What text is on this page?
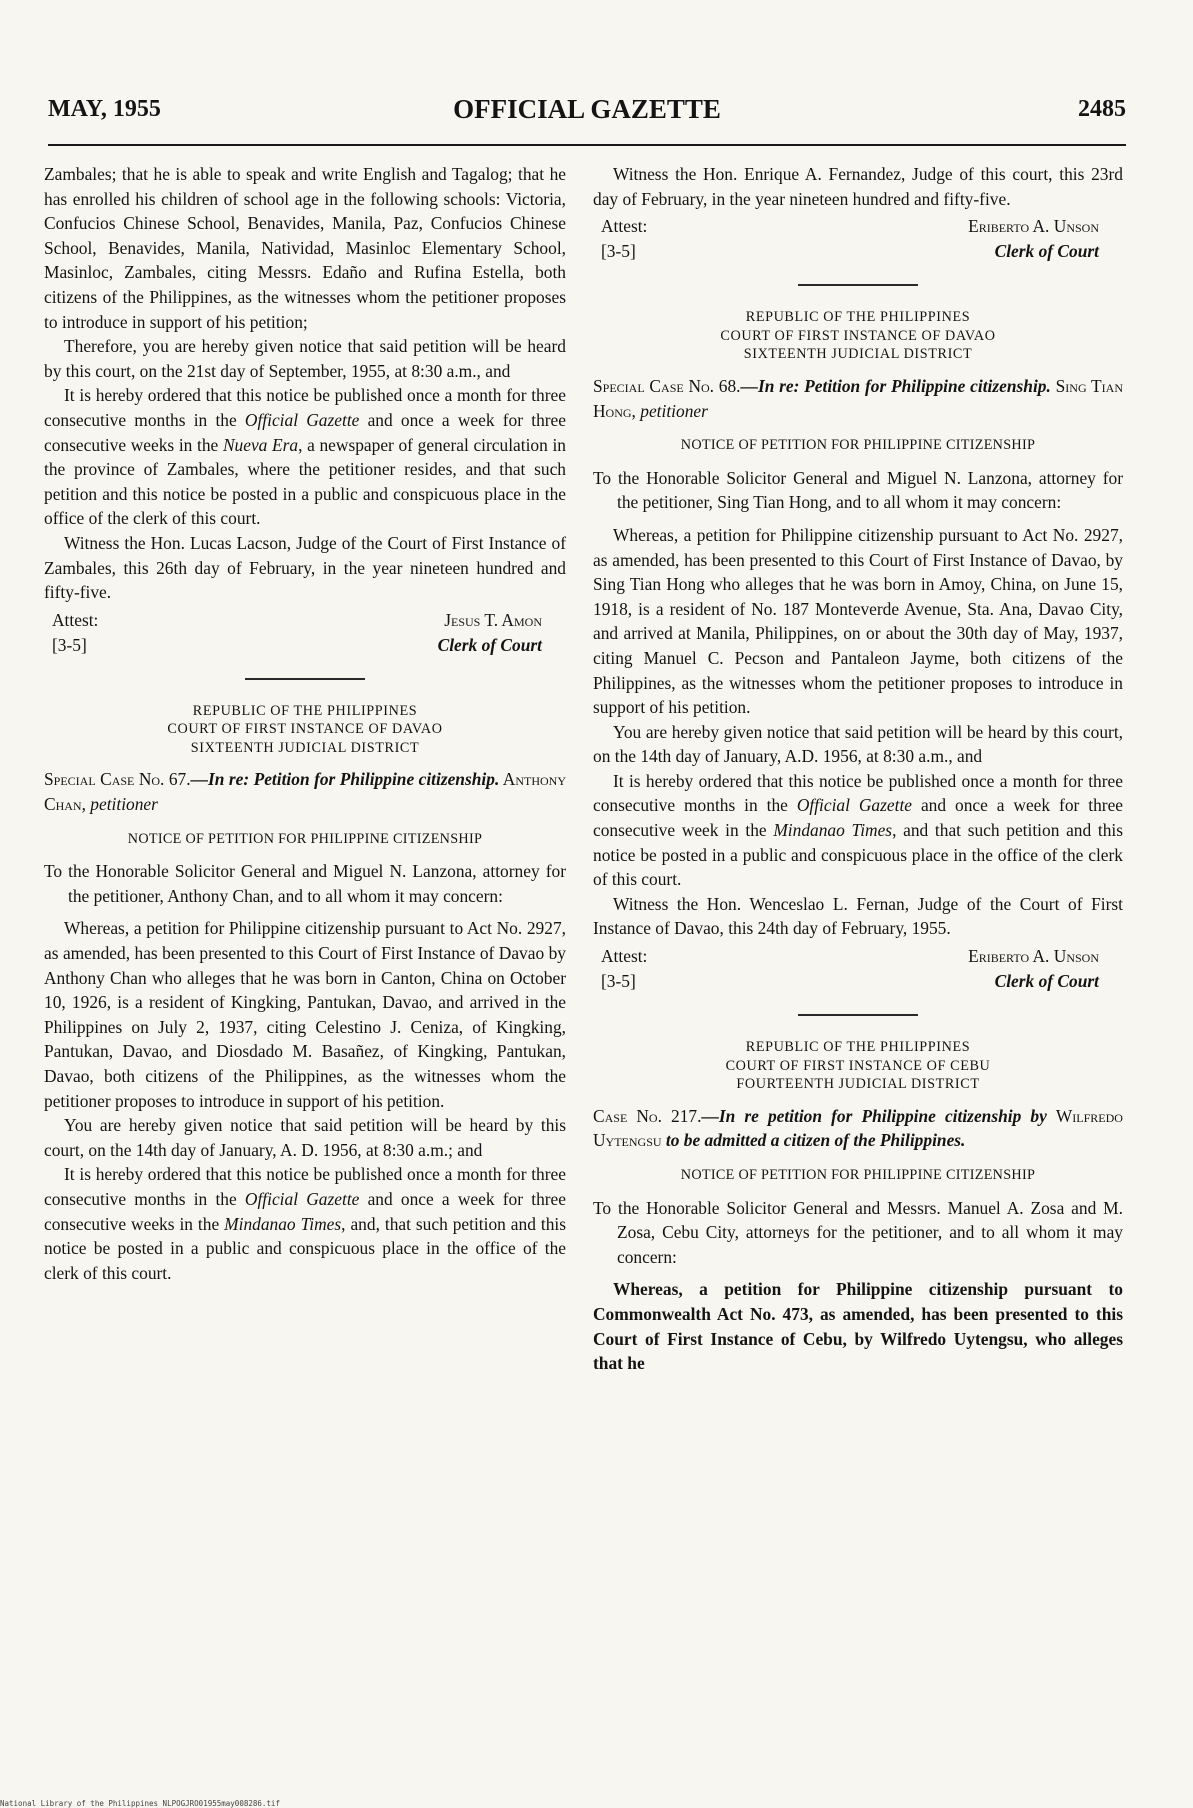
MAY, 1955	OFFICIAL GAZETTE	2485

Zambales; that he is able to speak and write English and Tagalog; that he has enrolled his children of school age in the following schools: Victoria, Confucios Chinese School, Benavides, Manila, Paz, Confucios Chinese School, Benavides, Manila, Natividad, Masinloc Elementary School, Masinloc, Zambales, citing Messrs. Edaño and Rufina Estella, both citizens of the Philippines, as the witnesses whom the petitioner proposes to introduce in support of his petition;

Therefore, you are hereby given notice that said petition will be heard by this court, on the 21st day of September, 1955, at 8:30 a.m., and

It is hereby ordered that this notice be published once a month for three consecutive months in the Official Gazette and once a week for three consecutive weeks in the Nueva Era, a newspaper of general circulation in the province of Zambales, where the petitioner resides, and that such petition and this notice be posted in a public and conspicuous place in the office of the clerk of this court.

Witness the Hon. Lucas Lacson, Judge of the Court of First Instance of Zambales, this 26th day of February, in the year nineteen hundred and fifty-five.

Attest:
[3-5]
Jesus T. Amon
Clerk of Court
REPUBLIC OF THE PHILIPPINES
COURT OF FIRST INSTANCE OF DAVAO
SIXTEENTH JUDICIAL DISTRICT

Special Case No. 67.—In re: Petition for Philippine citizenship. Anthony Chan, petitioner

NOTICE OF PETITION FOR PHILIPPINE CITIZENSHIP

To the Honorable Solicitor General and Miguel N. Lanzona, attorney for the petitioner, Anthony Chan, and to all whom it may concern:

Whereas, a petition for Philippine citizenship pursuant to Act No. 2927, as amended, has been presented to this Court of First Instance of Davao by Anthony Chan who alleges that he was born in Canton, China on October 10, 1926, is a resident of Kingking, Pantukan, Davao, and arrived in the Philippines on July 2, 1937, citing Celestino J. Ceniza, of Kingking, Pantukan, Davao, and Diosdado M. Basañez, of Kingking, Pantukan, Davao, both citizens of the Philippines, as the witnesses whom the petitioner proposes to introduce in support of his petition.

You are hereby given notice that said petition will be heard by this court, on the 14th day of January, A. D. 1956, at 8:30 a.m.; and

It is hereby ordered that this notice be published once a month for three consecutive months in the Official Gazette and once a week for three consecutive weeks in the Mindanao Times, and, that such petition and this notice be posted in a public and conspicuous place in the office of the clerk of this court.

Witness the Hon. Enrique A. Fernandez, Judge of this court, this 23rd day of February, in the year nineteen hundred and fifty-five.

Attest:
[3-5]
Eriberto A. Unson
Clerk of Court
REPUBLIC OF THE PHILIPPINES
COURT OF FIRST INSTANCE OF DAVAO
SIXTEENTH JUDICIAL DISTRICT

Special Case No. 68.—In re: Petition for Philippine citizenship. Sing Tian Hong, petitioner

NOTICE OF PETITION FOR PHILIPPINE CITIZENSHIP

To the Honorable Solicitor General and Miguel N. Lanzona, attorney for the petitioner, Sing Tian Hong, and to all whom it may concern:

Whereas, a petition for Philippine citizenship pursuant to Act No. 2927, as amended, has been presented to this Court of First Instance of Davao, by Sing Tian Hong who alleges that he was born in Amoy, China, on June 15, 1918, is a resident of No. 187 Monteverde Avenue, Sta. Ana, Davao City, and arrived at Manila, Philippines, on or about the 30th day of May, 1937, citing Manuel C. Pecson and Pantaleon Jayme, both citizens of the Philippines, as the witnesses whom the petitioner proposes to introduce in support of his petition.

You are hereby given notice that said petition will be heard by this court, on the 14th day of January, A.D. 1956, at 8:30 a.m., and

It is hereby ordered that this notice be published once a month for three consecutive months in the Official Gazette and once a week for three consecutive week in the Mindanao Times, and that such petition and this notice be posted in a public and conspicuous place in the office of the clerk of this court.

Witness the Hon. Wenceslao L. Fernan, Judge of the Court of First Instance of Davao, this 24th day of February, 1955.

Attest:
[3-5]
Eriberto A. Unson
Clerk of Court
REPUBLIC OF THE PHILIPPINES
COURT OF FIRST INSTANCE OF CEBU
FOURTEENTH JUDICIAL DISTRICT

Case No. 217.—In re petition for Philippine citizenship by Wilfredo Uytengsu to be admitted a citizen of the Philippines.

NOTICE OF PETITION FOR PHILIPPINE CITIZENSHIP

To the Honorable Solicitor General and Messrs. Manuel A. Zosa and M. Zosa, Cebu City, attorneys for the petitioner, and to all whom it may concern:

Whereas, a petition for Philippine citizenship pursuant to Commonwealth Act No. 473, as amended, has been presented to this Court of First Instance of Cebu, by Wilfredo Uytengsu, who alleges that he

National Library of the Philippines NLPOGJRO01955may008286.tif
